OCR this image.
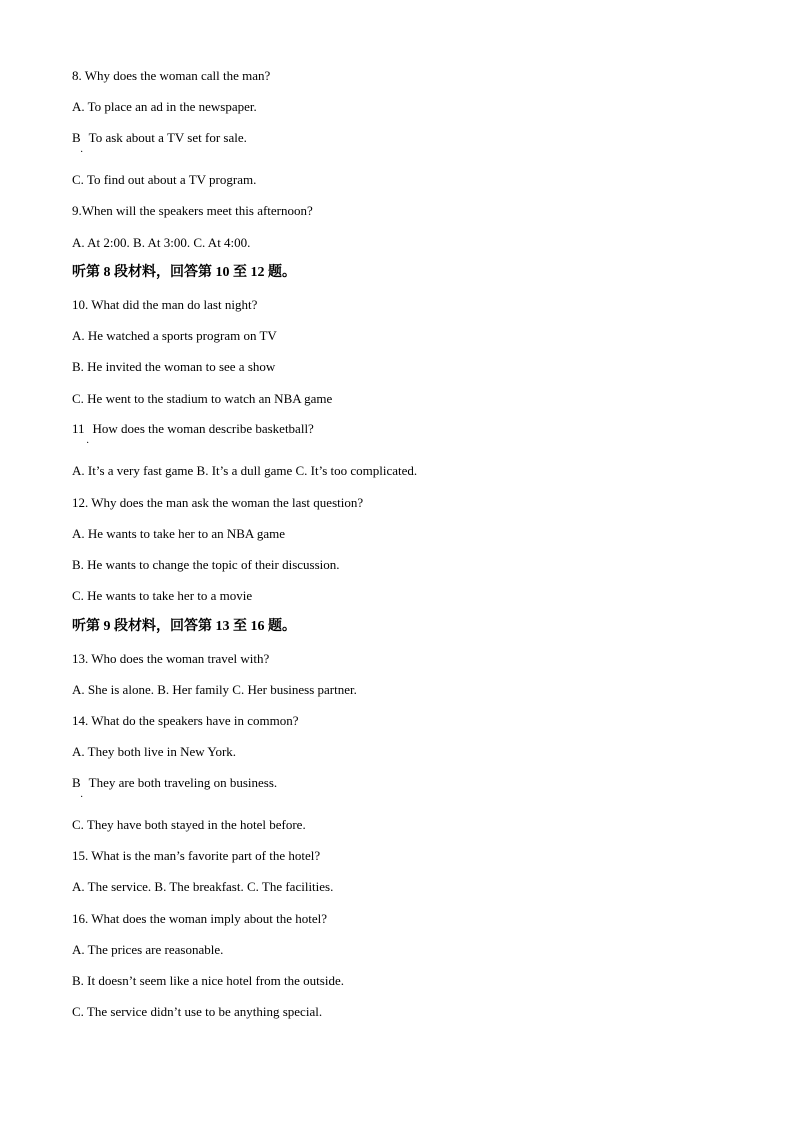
8. Why does the woman call the man?
A. To place an ad in the newspaper.
B To ask about a TV set for sale.
·
C. To find out about a TV program.
9.When will the speakers meet this afternoon?
A. At 2:00. B. At 3:00. C. At 4:00.
听第 8 段材料，回答第 10 至 12 题。
10. What did the man do last night?
A. He watched a sports program on TV
B. He invited the woman to see a show
C. He went to the stadium to watch an NBA game
11 How does the woman describe basketball?
·
A. It’s a very fast game B. It’s a dull game C. It’s too complicated.
12. Why does the man ask the woman the last question?
A. He wants to take her to an NBA game
B. He wants to change the topic of their discussion.
C. He wants to take her to a movie
听第 9 段材料，回答第 13 至 16 题。
13. Who does the woman travel with?
A. She is alone. B. Her family C. Her business partner.
14. What do the speakers have in common?
A. They both live in New York.
B They are both traveling on business.
·
C. They have both stayed in the hotel before.
15. What is the man’s favorite part of the hotel?
A. The service. B. The breakfast. C. The facilities.
16. What does the woman imply about the hotel?
A. The prices are reasonable.
B. It doesn’t seem like a nice hotel from the outside.
C. The service didn’t use to be anything special.
